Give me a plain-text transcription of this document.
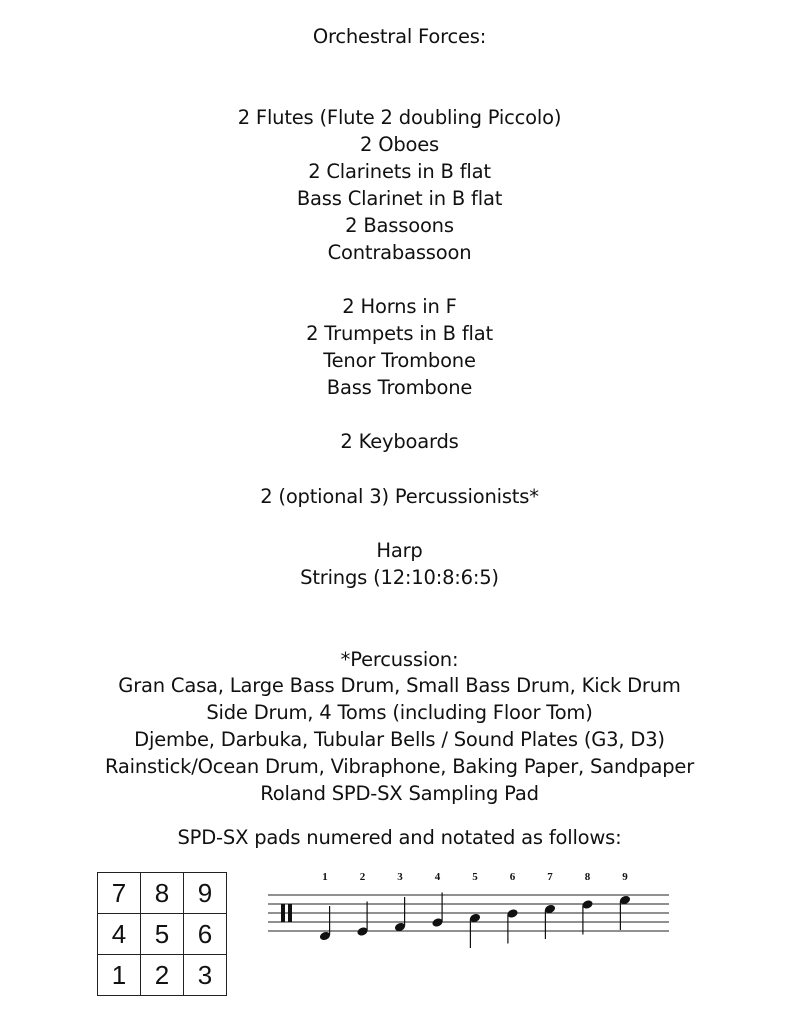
Orchestral Forces:
2 Flutes (Flute 2 doubling Piccolo)
2 Oboes
2 Clarinets in B flat
Bass Clarinet in B flat
2 Bassoons
Contrabassoon
2 Horns in F
2 Trumpets in B flat
Tenor Trombone
Bass Trombone
2 Keyboards
2 (optional 3) Percussionists*
Harp
Strings (12:10:8:6:5)
*Percussion:
Gran Casa, Large Bass Drum, Small Bass Drum, Kick Drum
Side Drum, 4 Toms (including Floor Tom)
Djembe, Darbuka, Tubular Bells / Sound Plates (G3, D3)
Rainstick/Ocean Drum, Vibraphone, Baking Paper, Sandpaper
Roland SPD-SX Sampling Pad
SPD-SX pads numered and notated as follows:
7	8	9
4	5	6
1	2	3
1	2	3	4	5	6	7	8	9
